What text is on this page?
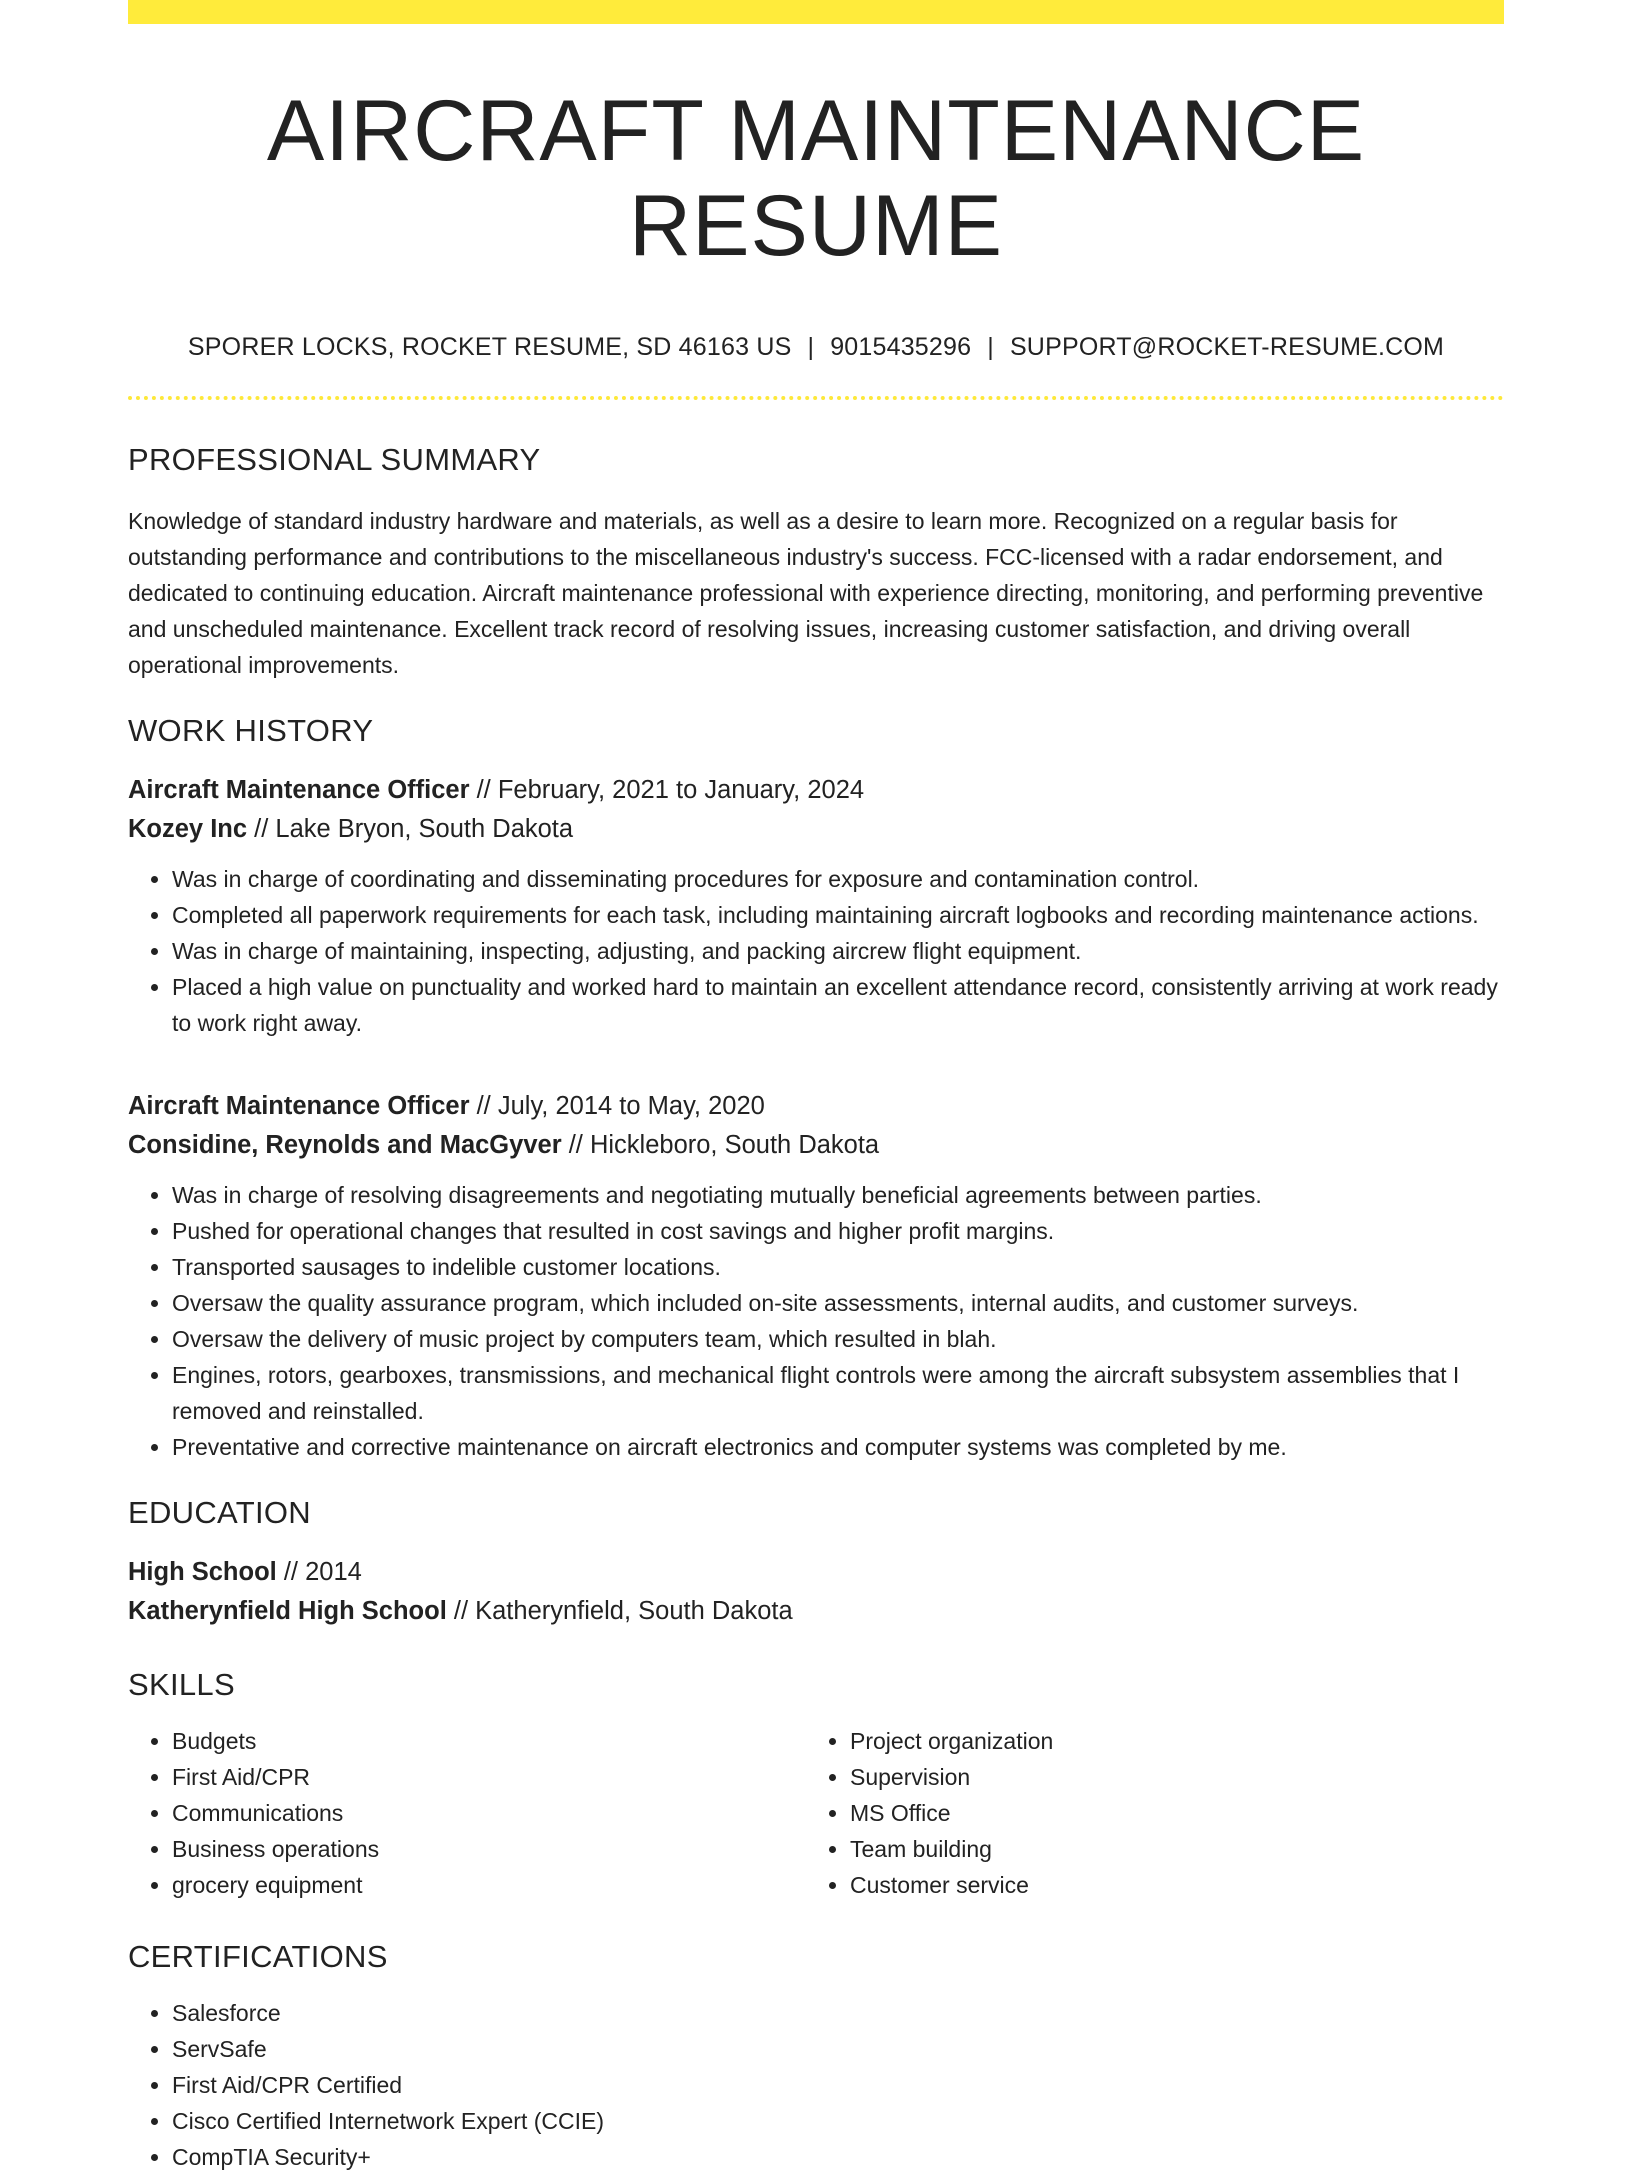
AIRCRAFT MAINTENANCE RESUME
SPORER LOCKS, ROCKET RESUME, SD 46163 US | 9015435296 | SUPPORT@ROCKET-RESUME.COM
PROFESSIONAL SUMMARY
Knowledge of standard industry hardware and materials, as well as a desire to learn more. Recognized on a regular basis for outstanding performance and contributions to the miscellaneous industry's success. FCC-licensed with a radar endorsement, and dedicated to continuing education. Aircraft maintenance professional with experience directing, monitoring, and performing preventive and unscheduled maintenance. Excellent track record of resolving issues, increasing customer satisfaction, and driving overall operational improvements.
WORK HISTORY
Aircraft Maintenance Officer // February, 2021 to January, 2024
Kozey Inc // Lake Bryon, South Dakota
• Was in charge of coordinating and disseminating procedures for exposure and contamination control.
• Completed all paperwork requirements for each task, including maintaining aircraft logbooks and recording maintenance actions.
• Was in charge of maintaining, inspecting, adjusting, and packing aircrew flight equipment.
• Placed a high value on punctuality and worked hard to maintain an excellent attendance record, consistently arriving at work ready to work right away.
Aircraft Maintenance Officer // July, 2014 to May, 2020
Considine, Reynolds and MacGyver // Hickleboro, South Dakota
• Was in charge of resolving disagreements and negotiating mutually beneficial agreements between parties.
• Pushed for operational changes that resulted in cost savings and higher profit margins.
• Transported sausages to indelible customer locations.
• Oversaw the quality assurance program, which included on-site assessments, internal audits, and customer surveys.
• Oversaw the delivery of music project by computers team, which resulted in blah.
• Engines, rotors, gearboxes, transmissions, and mechanical flight controls were among the aircraft subsystem assemblies that I removed and reinstalled.
• Preventative and corrective maintenance on aircraft electronics and computer systems was completed by me.
EDUCATION
High School // 2014
Katherynfield High School // Katherynfield, South Dakota
SKILLS
• Budgets
• First Aid/CPR
• Communications
• Business operations
• grocery equipment
• Project organization
• Supervision
• MS Office
• Team building
• Customer service
CERTIFICATIONS
• Salesforce
• ServSafe
• First Aid/CPR Certified
• Cisco Certified Internetwork Expert (CCIE)
• CompTIA Security+
